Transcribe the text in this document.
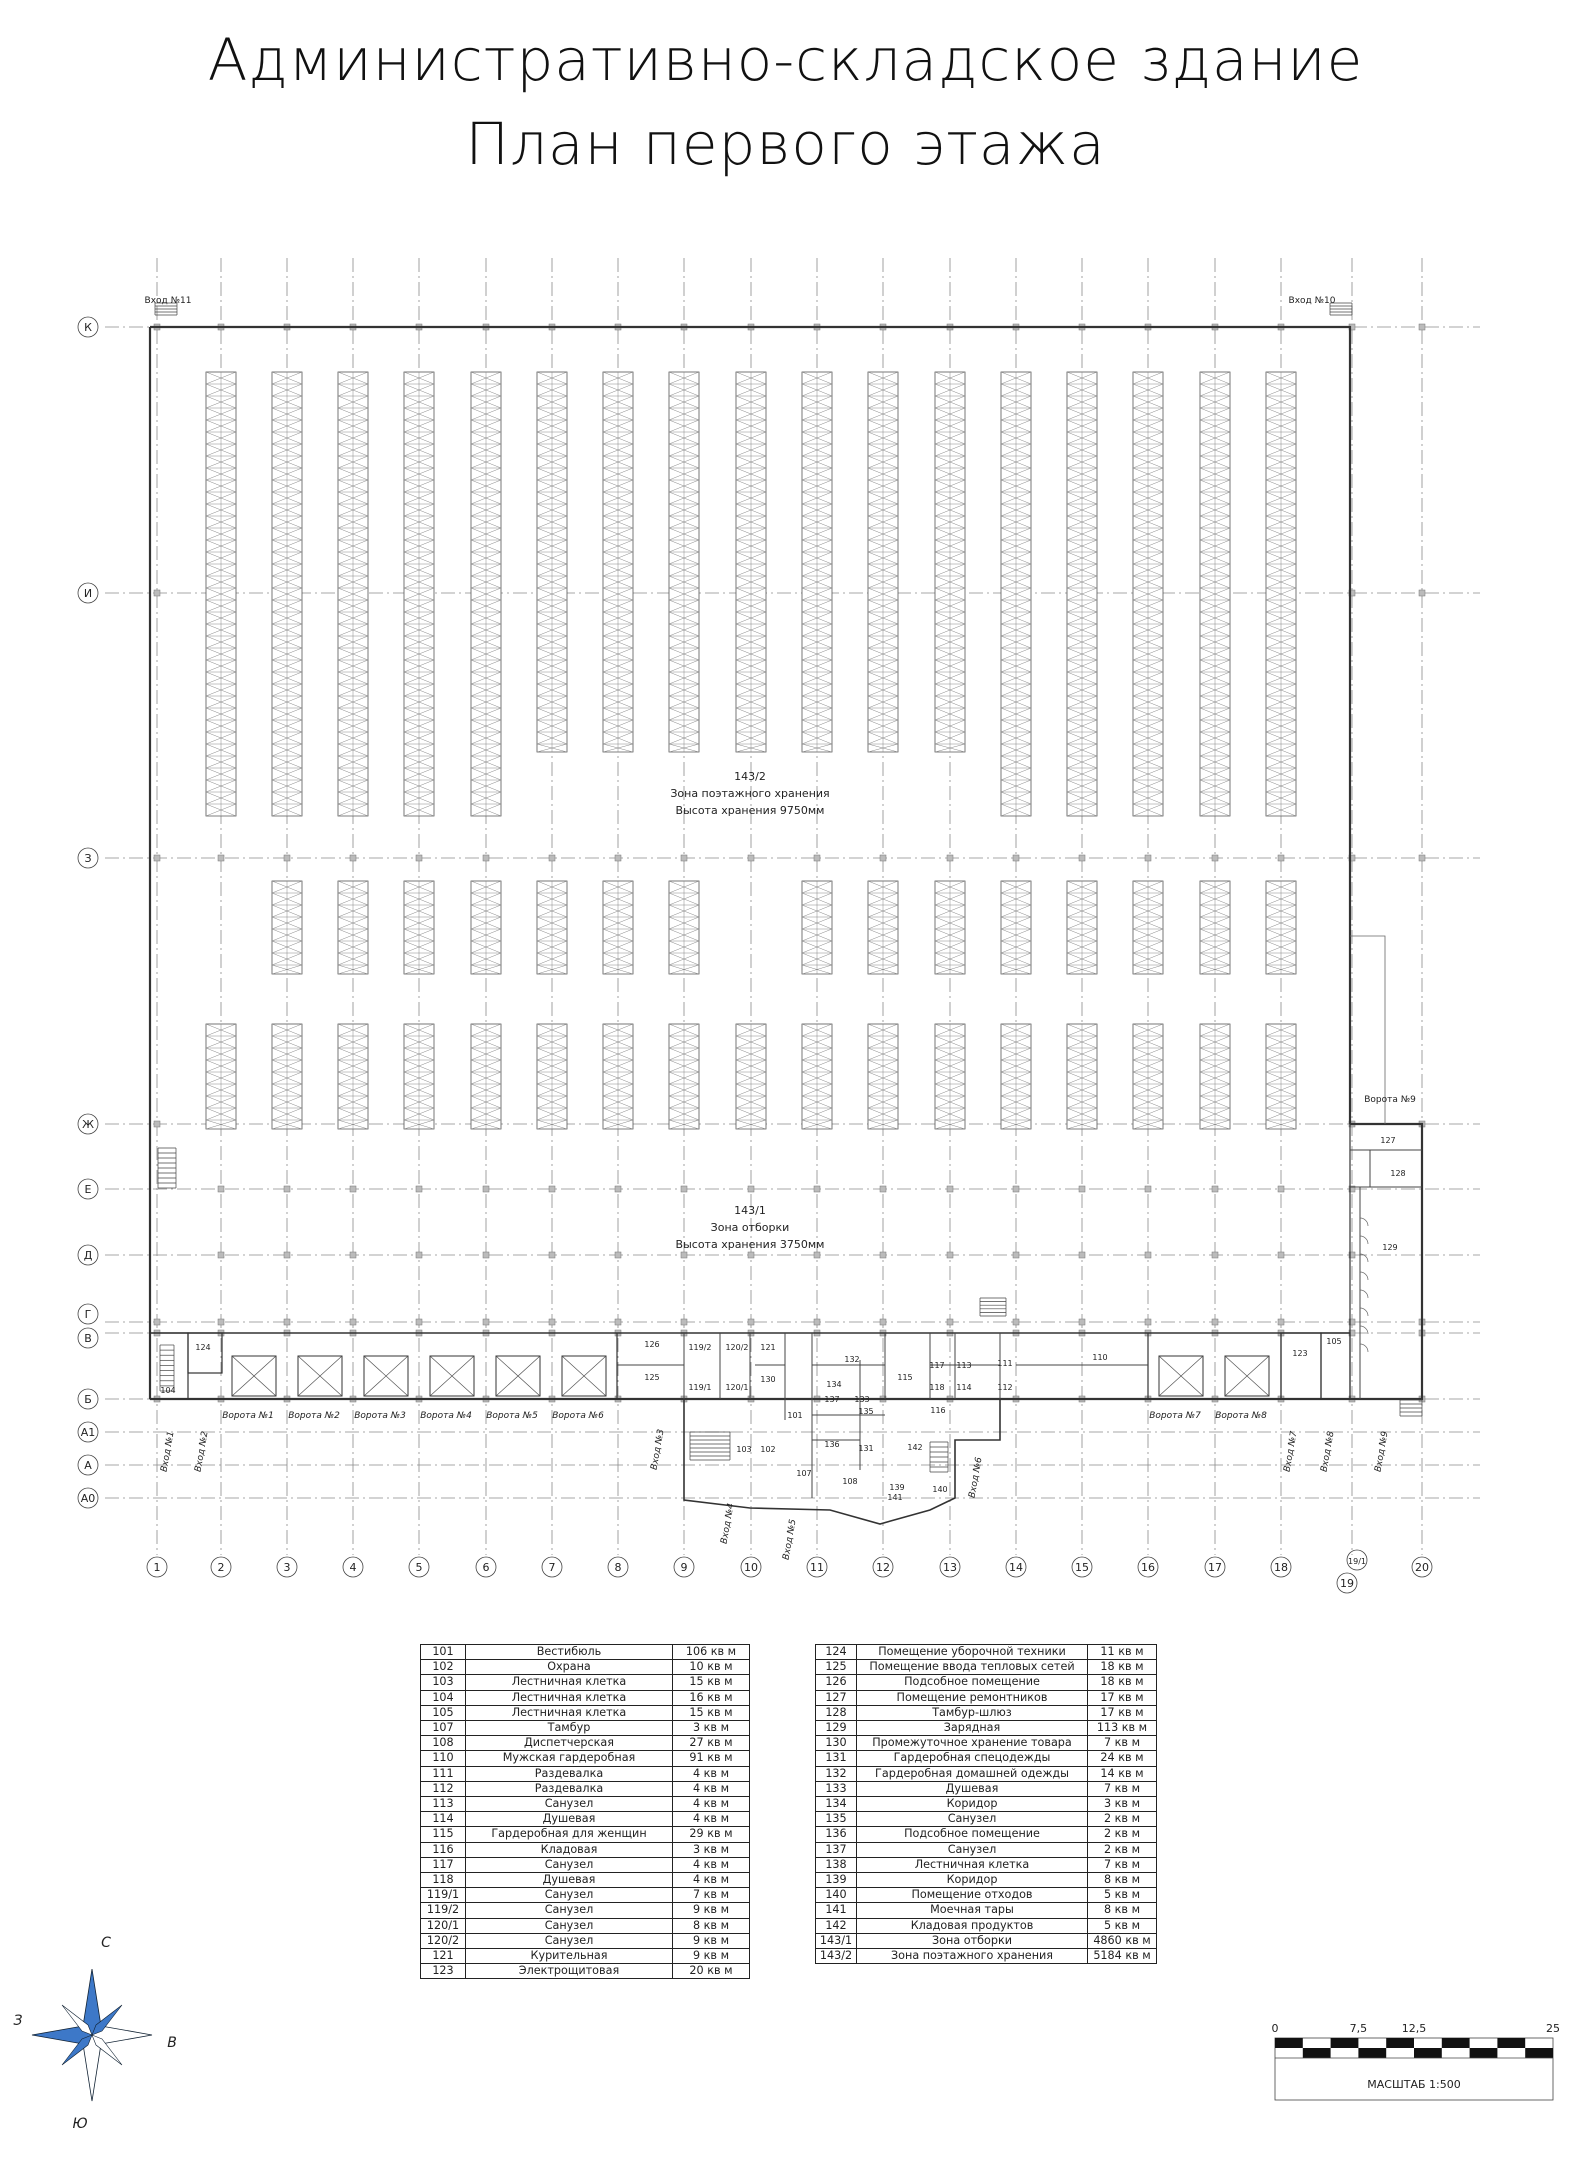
Административно-складское здание
План первого этажа
К
И
З
Ж
Е
Д
Г
В
Б
А1
А
А0
1	2	3	4	5	6	7	8	9	10	11	12	13	14	15	16	17	18	19/1
19
20
143/2
Зона поэтажного хранения
Высота хранения 9750мм
143/1
Зона отборки
Высота хранения 3750мм
Вход №11	Вход №10
Ворота №9
Ворота №1 Ворота №2 Ворота №3 Ворота №4 Ворота №5 Ворота №6	Ворота №7 Ворота №8
Вход №1 Вход №2	Вход №3
Вход №4	Вход №5
Вход №6
Вход №7 Вход №8	Вход №9
127
128
129
105
123
124
104
126
125
119/2 120/2 121
119/1 120/1
130
101
132
134
137 133
135
136 131
115
117 113	111
118 114	112
116
110
142
103 102
107
108
139
141
140
С
Ю
З
В
0	7,5	12,5	25
МАСШТАБ 1:500
101	Вестибюль	106 кв м
102	Охрана	10 кв м
103	Лестничная клетка	15 кв м
104	Лестничная клетка	16 кв м
105	Лестничная клетка	15 кв м
107	Тамбур	3 кв м
108	Диспетчерская	27 кв м
110	Мужская гардеробная	91 кв м
111	Раздевалка	4 кв м
112	Раздевалка	4 кв м
113	Санузел	4 кв м
114	Душевая	4 кв м
115	Гардеробная для женщин	29 кв м
116	Кладовая	3 кв м
117	Санузел	4 кв м
118	Душевая	4 кв м
119/1	Санузел	7 кв м
119/2	Санузел	9 кв м
120/1	Санузел	8 кв м
120/2	Санузел	9 кв м
121	Курительная	9 кв м
123	Электрощитовая	20 кв м
124	Помещение уборочной техники	11 кв м
125	Помещение ввода тепловых сетей	18 кв м
126	Подсобное помещение	18 кв м
127	Помещение ремонтников	17 кв м
128	Тамбур-шлюз	17 кв м
129	Зарядная	113 кв м
130	Промежуточное хранение товара	7 кв м
131	Гардеробная спецодежды	24 кв м
132	Гардеробная домашней одежды	14 кв м
133	Душевая	7 кв м
134	Коридор	3 кв м
135	Санузел	2 кв м
136	Подсобное помещение	2 кв м
137	Санузел	2 кв м
138	Лестничная клетка	7 кв м
139	Коридор	8 кв м
140	Помещение отходов	5 кв м
141	Моечная тары	8 кв м
142	Кладовая продуктов	5 кв м
143/1	Зона отборки	4860 кв м
143/2	Зона поэтажного хранения	5184 кв м
